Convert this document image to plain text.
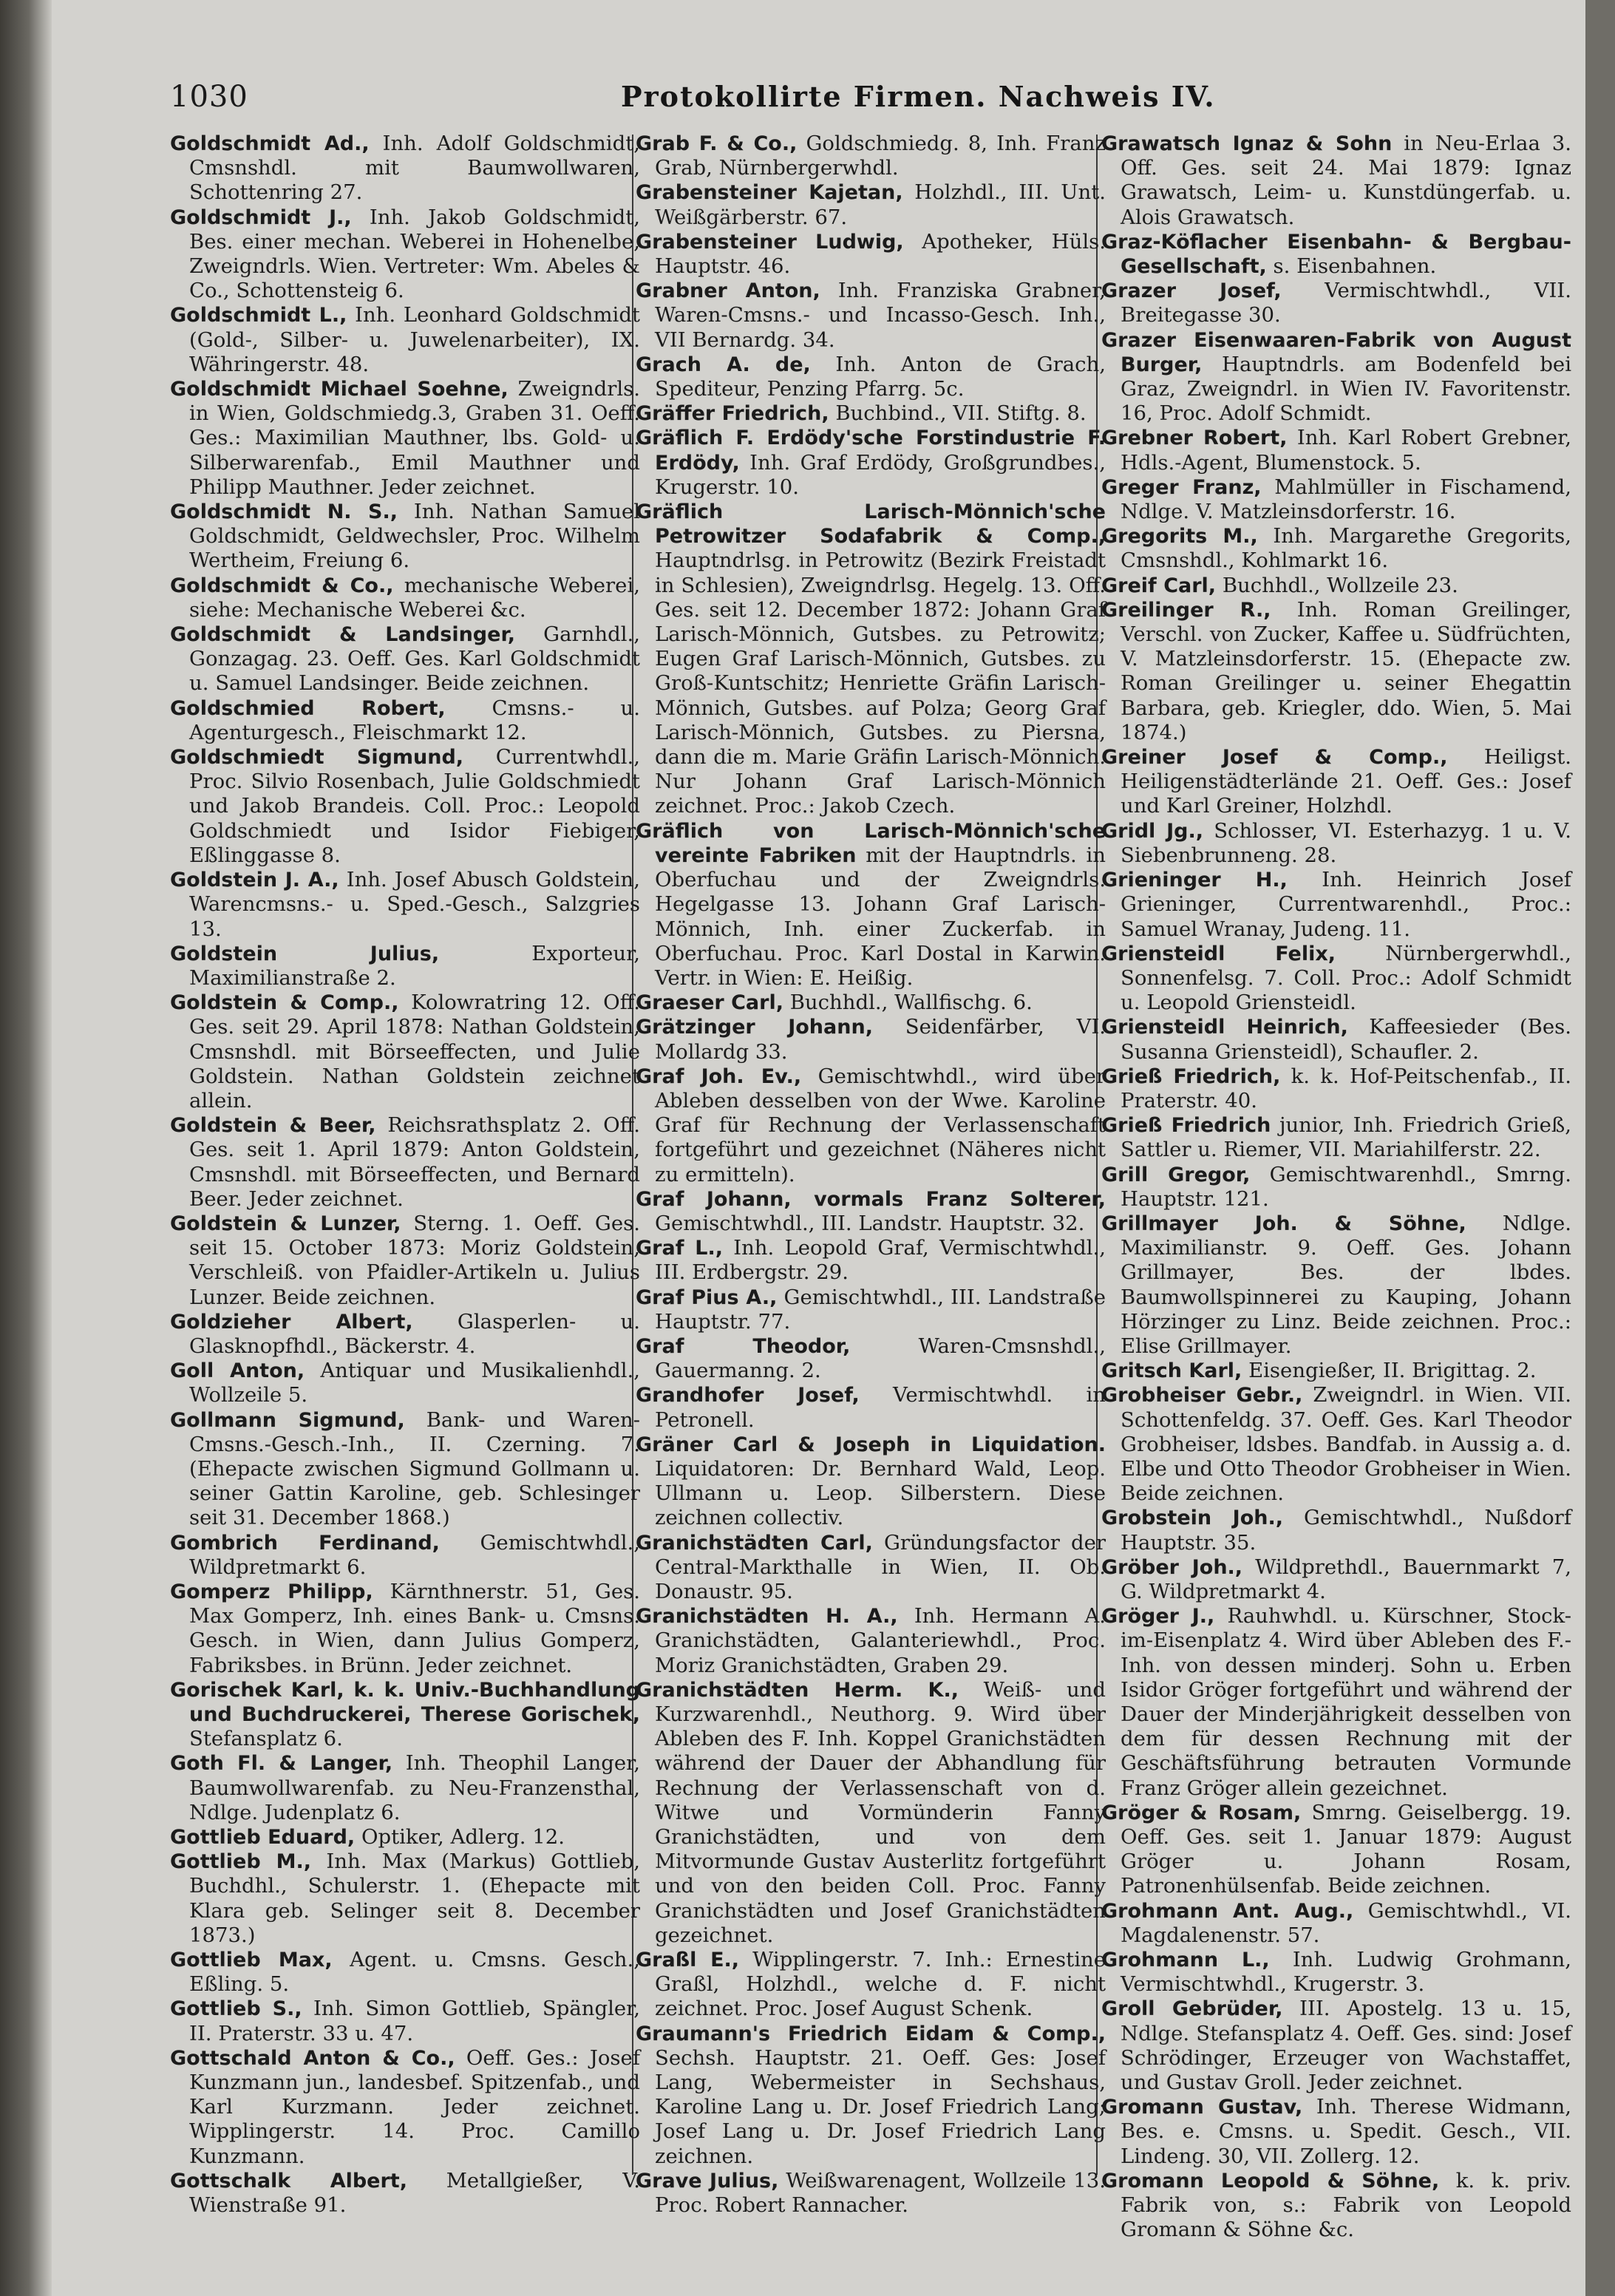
1030	Protokollirte Firmen. Nachweis IV.

Goldschmidt Ad., Inh. Adolf Goldschmidt, Cmsnshdl. mit Baumwollwaren, Schottenring 27.

Goldschmidt J., Inh. Jakob Goldschmidt, Bes. einer mechan. Weberei in Hohenelbe, Zweigndrls. Wien. Vertreter: Wm. Abeles & Co., Schottensteig 6.

Goldschmidt L., Inh. Leonhard Goldschmidt (Gold-, Silber- u. Juwelenarbeiter), IX. Währingerstr. 48.

Goldschmidt Michael Soehne, Zweigndrls. in Wien, Goldschmiedg.3, Graben 31. Oeff. Ges.: Maximilian Mauthner, lbs. Gold- u. Silberwarenfab., Emil Mauthner und Philipp Mauthner. Jeder zeichnet.

Goldschmidt N. S., Inh. Nathan Samuel Goldschmidt, Geldwechsler, Proc. Wilhelm Wertheim, Freiung 6.

Goldschmidt & Co., mechanische Weberei, siehe: Mechanische Weberei &c.

Goldschmidt & Landsinger, Garnhdl., Gonzagag. 23. Oeff. Ges. Karl Goldschmidt u. Samuel Landsinger. Beide zeichnen.

Goldschmied Robert, Cmsns.- u. Agenturgesch., Fleischmarkt 12.

Goldschmiedt Sigmund, Currentwhdl., Proc. Silvio Rosenbach, Julie Goldschmiedt und Jakob Brandeis. Coll. Proc.: Leopold Goldschmiedt und Isidor Fiebiger, Eßlinggasse 8.

Goldstein J. A., Inh. Josef Abusch Goldstein, Warencmsns.- u. Sped.-Gesch., Salzgries 13.

Goldstein Julius,	Exporteur, Maximilianstraße 2.

Goldstein & Comp., Kolowratring 12. Off. Ges. seit 29. April 1878: Nathan Goldstein, Cmsnshdl. mit Börseeffecten, und Julie Goldstein. Nathan Goldstein zeichnet allein.

Goldstein & Beer, Reichsrathsplatz 2. Off. Ges. seit 1. April 1879: Anton Goldstein, Cmsnshdl. mit Börseeffecten, und Bernard Beer. Jeder zeichnet.

Goldstein & Lunzer, Sterng. 1. Oeff. Ges. seit 15. October 1873: Moriz Goldstein, Verschleiß. von Pfaidler-Artikeln u. Julius Lunzer. Beide zeichnen.

Goldzieher Albert, Glasperlen- u. Glasknopfhdl., Bäckerstr. 4.

Goll Anton, Antiquar und Musikalienhdl., Wollzeile 5.

Gollmann Sigmund, Bank- und Waren-Cmsns.-Gesch.-Inh., II. Czerning. 7. (Ehepacte zwischen Sigmund Gollmann u. seiner Gattin Karoline, geb. Schlesinger seit 31. December 1868.)

Gombrich Ferdinand, Gemischtwhdl., Wildpretmarkt 6.

Gomperz Philipp, Kärnthnerstr. 51, Ges. Max Gomperz, Inh. eines Bank- u. Cmsns. Gesch. in Wien, dann Julius Gomperz, Fabriksbes. in Brünn. Jeder zeichnet.

Gorischek Karl, k. k. Univ.-Buchhandlung und Buchdruckerei, Therese Gorischek, Stefansplatz 6.

Goth Fl. & Langer, Inh. Theophil Langer, Baumwollwarenfab. zu Neu-Franzensthal, Ndlge. Judenplatz 6.

Gottlieb Eduard, Optiker, Adlerg. 12.

Gottlieb M., Inh. Max (Markus) Gottlieb, Buchdhl., Schulerstr. 1. (Ehepacte mit Klara geb. Selinger seit 8. December 1873.)

Gottlieb Max, Agent. u. Cmsns. Gesch., Eßling. 5.

Gottlieb S., Inh. Simon Gottlieb, Spängler, II. Praterstr. 33 u. 47.

Gottschald Anton & Co., Oeff. Ges.: Josef Kunzmann jun., landesbef. Spitzenfab., und Karl Kurzmann. Jeder zeichnet. Wipplingerstr. 14. Proc. Camillo Kunzmann.

Gottschalk Albert, Metallgießer, V. Wienstraße 91.

Grab F. & Co., Goldschmiedg. 8, Inh. Franz Grab, Nürnbergerwhdl.

Grabensteiner Kajetan, Holzhdl., III. Unt. Weißgärberstr. 67.

Grabensteiner Ludwig, Apotheker, Hüls. Hauptstr. 46.

Grabner Anton, Inh. Franziska Grabner, Waren-Cmsns.- und Incasso-Gesch. Inh., VII Bernardg. 34.

Grach A. de, Inh. Anton de Grach, Spediteur, Penzing Pfarrg. 5c.

Gräffer Friedrich, Buchbind., VII. Stiftg. 8.

Gräflich F. Erdödy'sche Forstindustrie F. Erdödy, Inh. Graf Erdödy, Großgrundbes., Krugerstr. 10.

Gräflich Larisch-Mönnich'sche Petrowitzer Sodafabrik & Comp., Hauptndrlsg. in Petrowitz (Bezirk Freistadt in Schlesien), Zweigndrlsg. Hegelg. 13. Off. Ges. seit 12. December 1872: Johann Graf Larisch-Mönnich, Gutsbes. zu Petrowitz; Eugen Graf Larisch-Mönnich, Gutsbes. zu Groß-Kuntschitz; Henriette Gräfin Larisch-Mönnich, Gutsbes. auf Polza; Georg Graf Larisch-Mönnich, Gutsbes. zu Piersna, dann die m. Marie Gräfin Larisch-Mönnich. Nur Johann Graf Larisch-Mönnich zeichnet. Proc.: Jakob Czech.

Gräflich von Larisch-Mönnich'sche vereinte Fabriken mit der Hauptndrls. in Oberfuchau und der Zweigndrls. Hegelgasse 13. Johann Graf Larisch-Mönnich, Inh. einer Zuckerfab. in Oberfuchau. Proc. Karl Dostal in Karwin. Vertr. in Wien: E. Heißig.

Graeser Carl, Buchhdl., Wallfischg. 6.

Grätzinger Johann, Seidenfärber, VI. Mollardg 33.

Graf Joh. Ev., Gemischtwhdl., wird über Ableben desselben von der Wwe. Karoline Graf für Rechnung der Verlassenschaft fortgeführt und gezeichnet (Näheres nicht zu ermitteln).

Graf Johann, vormals Franz Solterer, Gemischtwhdl., III. Landstr. Hauptstr. 32.

Graf L., Inh. Leopold Graf, Vermischtwhdl., III. Erdbergstr. 29.

Graf Pius A., Gemischtwhdl., III. Landstraße Hauptstr. 77.

Graf Theodor,	Waren-Cmsnshdl., Gauermanng. 2.

Grandhofer Josef, Vermischtwhdl. in Petronell.

Gräner Carl & Joseph in Liquidation. Liquidatoren: Dr. Bernhard Wald, Leop. Ullmann u. Leop. Silberstern. Diese zeichnen collectiv.

Granichstädten Carl, Gründungsfactor der Central-Markthalle in Wien, II. Ob. Donaustr. 95.

Granichstädten H. A., Inh. Hermann A. Granichstädten, Galanteriewhdl., Proc. Moriz Granichstädten, Graben 29.

Granichstädten Herm. K., Weiß- und Kurzwarenhdl., Neuthorg. 9. Wird über Ableben des F. Inh. Koppel Granichstädten während der Dauer der Abhandlung für Rechnung der Verlassenschaft von d. Witwe und Vormünderin Fanny Granichstädten, und von dem Mitvormunde Gustav Austerlitz fortgeführt und von den beiden Coll. Proc. Fanny Granichstädten und Josef Granichstädten gezeichnet.

Graßl E., Wipplingerstr. 7. Inh.: Ernestine Graßl, Holzhdl., welche d. F. nicht zeichnet. Proc. Josef August Schenk.

Graumann's Friedrich Eidam & Comp., Sechsh. Hauptstr. 21. Oeff. Ges: Josef Lang, Webermeister in Sechshaus, Karoline Lang u. Dr. Josef Friedrich Lang; Josef Lang u. Dr. Josef Friedrich Lang zeichnen.

Grave Julius, Weißwarenagent, Wollzeile 13. Proc. Robert Rannacher.

Grawatsch Ignaz & Sohn in Neu-Erlaa 3. Off. Ges. seit 24. Mai 1879: Ignaz Grawatsch, Leim- u. Kunstdüngerfab. u. Alois Grawatsch.

Graz-Köflacher Eisenbahn- & Bergbau-Gesellschaft, s. Eisenbahnen.

Grazer Josef, Vermischtwhdl., VII. Breitegasse 30.

Grazer Eisenwaaren-Fabrik von August Burger, Hauptndrls. am Bodenfeld bei Graz, Zweigndrl. in Wien IV. Favoritenstr. 16, Proc. Adolf Schmidt.

Grebner Robert, Inh. Karl Robert Grebner, Hdls.-Agent, Blumenstock. 5.

Greger Franz, Mahlmüller in Fischamend, Ndlge. V. Matzleinsdorferstr. 16.

Gregorits M., Inh. Margarethe Gregorits, Cmsnshdl., Kohlmarkt 16.

Greif Carl, Buchhdl., Wollzeile 23.

Greilinger R., Inh. Roman Greilinger, Verschl. von Zucker, Kaffee u. Südfrüchten, V. Matzleinsdorferstr. 15. (Ehepacte zw. Roman Greilinger u. seiner Ehegattin Barbara, geb. Kriegler, ddo. Wien, 5. Mai 1874.)

Greiner Josef & Comp., Heiligst. Heiligenstädterlände 21. Oeff. Ges.: Josef und Karl Greiner, Holzhdl.

Gridl Jg., Schlosser, VI. Esterhazyg. 1 u. V. Siebenbrunneng. 28.

Grieninger H., Inh. Heinrich Josef Grieninger, Currentwarenhdl., Proc.: Samuel Wranay, Judeng. 11.

Griensteidl Felix, Nürnbergerwhdl., Sonnenfelsg. 7. Coll. Proc.: Adolf Schmidt u. Leopold Griensteidl.

Griensteidl Heinrich, Kaffeesieder (Bes. Susanna Griensteidl), Schaufler. 2.

Grieß Friedrich, k. k. Hof-Peitschenfab., II. Praterstr. 40.

Grieß Friedrich junior, Inh. Friedrich Grieß, Sattler u. Riemer, VII. Mariahilferstr. 22.

Grill Gregor, Gemischtwarenhdl., Smrng. Hauptstr. 121.

Grillmayer Joh. & Söhne, Ndlge. Maximilianstr. 9. Oeff. Ges. Johann Grillmayer, Bes. der lbdes. Baumwollspinnerei zu Kauping, Johann Hörzinger zu Linz. Beide zeichnen. Proc.: Elise Grillmayer.

Gritsch Karl, Eisengießer, II. Brigittag. 2.

Grobheiser Gebr., Zweigndrl. in Wien. VII. Schottenfeldg. 37. Oeff. Ges. Karl Theodor Grobheiser, ldsbes. Bandfab. in Aussig a. d. Elbe und Otto Theodor Grobheiser in Wien. Beide zeichnen.

Grobstein Joh., Gemischtwhdl., Nußdorf Hauptstr. 35.

Gröber Joh., Wildprethdl., Bauernmarkt 7, G. Wildpretmarkt 4.

Gröger J., Rauhwhdl. u. Kürschner, Stock-im-Eisenplatz 4. Wird über Ableben des F.-Inh. von dessen minderj. Sohn u. Erben Isidor Gröger fortgeführt und während der Dauer der Minderjährigkeit desselben von dem für dessen Rechnung mit der Geschäftsführung betrauten Vormunde Franz Gröger allein gezeichnet.

Gröger & Rosam, Smrng. Geiselbergg. 19. Oeff. Ges. seit 1. Januar 1879: August Gröger u. Johann Rosam, Patronenhülsenfab. Beide zeichnen.

Grohmann Ant. Aug., Gemischtwhdl., VI. Magdalenenstr. 57.

Grohmann L., Inh. Ludwig Grohmann, Vermischtwhdl., Krugerstr. 3.

Groll Gebrüder, III. Apostelg. 13 u. 15, Ndlge. Stefansplatz 4. Oeff. Ges. sind: Josef Schrödinger, Erzeuger von Wachstaffet, und Gustav Groll. Jeder zeichnet.

Gromann Gustav, Inh. Therese Widmann, Bes. e. Cmsns. u. Spedit. Gesch., VII. Lindeng. 30, VII. Zollerg. 12.

Gromann Leopold & Söhne, k. k. priv. Fabrik von, s.: Fabrik von Leopold Gromann & Söhne &c.
